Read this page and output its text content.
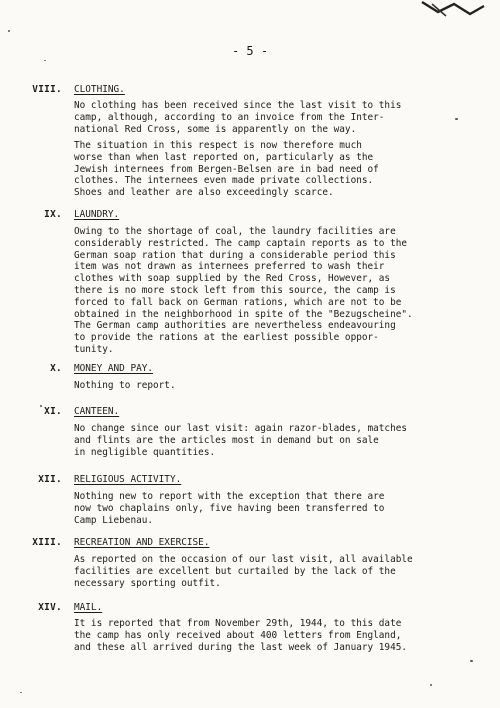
- 5 -
VIII. CLOTHING.
No clothing has been received since the last visit to this
camp, although, according to an invoice from the Inter-
national Red Cross, some is apparently on the way.
The situation in this respect is now therefore much
worse than when last reported on, particularly as the
Jewish internees from Bergen-Belsen are in bad need of
clothes. The internees even made private collections.
Shoes and leather are also exceedingly scarce.
IX. LAUNDRY.
Owing to the shortage of coal, the laundry facilities are
considerably restricted. The camp captain reports as to the
German soap ration that during a considerable period this
item was not drawn as internees preferred to wash their
clothes with soap supplied by the Red Cross, However, as
there is no more stock left from this source, the camp is
forced to fall back on German rations, which are not to be
obtained in the neighborhood in spite of the "Bezugscheine".
The German camp authorities are nevertheless endeavouring
to provide the rations at the earliest possible oppor-
tunity.
X. MONEY AND PAY.
Nothing to report.
XI. CANTEEN.
No change since our last visit: again razor-blades, matches
and flints are the articles most in demand but on sale
in negligible quantities.
XII. RELIGIOUS ACTIVITY.
Nothing new to report with the exception that there are
now two chaplains only, five having been transferred to
Camp Liebenau.
XIII. RECREATION AND EXERCISE.
As reported on the occasion of our last visit, all available
facilities are excellent but curtailed by the lack of the
necessary sporting outfit.
XIV. MAIL.
It is reported that from November 29th, 1944, to this date
the camp has only received about 400 letters from England,
and these all arrived during the last week of January 1945.
